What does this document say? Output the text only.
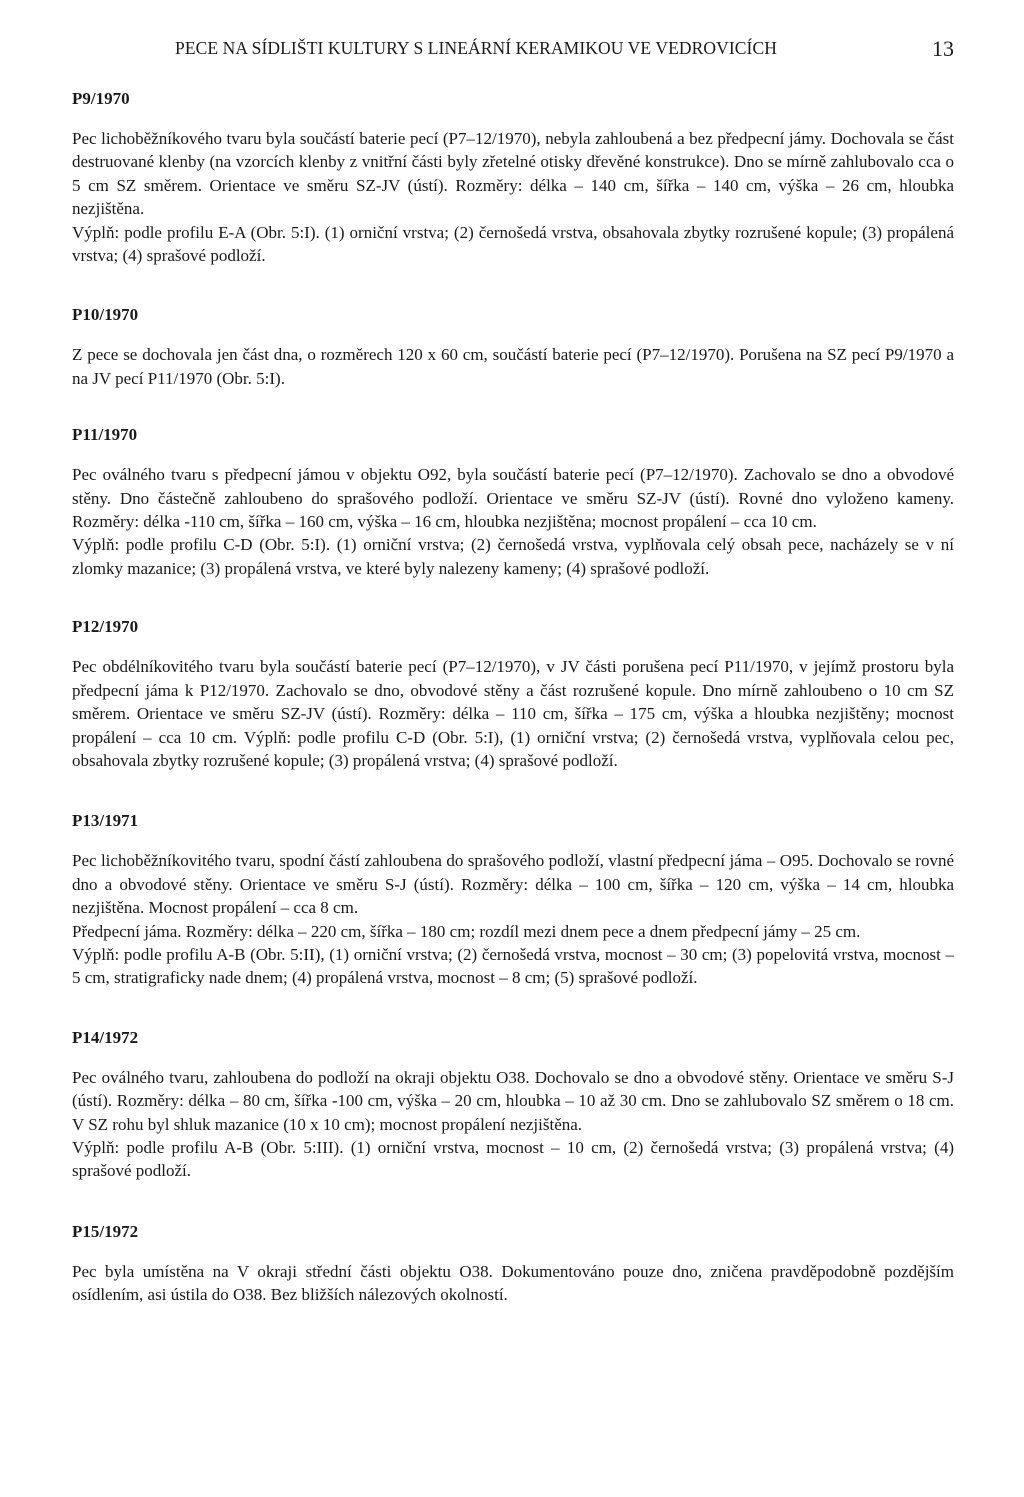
PECE NA SÍDLIŠTI KULTURY S LINEÁRNÍ KERAMIKOU VE VEDROVICÍCH	13
P9/1970

Pec lichoběžníkového tvaru byla součástí baterie pecí (P7–12/1970), nebyla zahloubená a bez předpecní jámy. Dochovala se část destruované klenby (na vzorcích klenby z vnitřní části byly zřetelné otisky dřevěné konstrukce). Dno se mírně zahlubovalo cca o 5 cm SZ směrem. Orientace ve směru SZ-JV (ústí). Rozměry: délka – 140 cm, šířka – 140 cm, výška – 26 cm, hloubka nezjištěna.

Výplň: podle profilu E-A (Obr. 5:I). (1) orniční vrstva; (2) černošedá vrstva, obsahovala zbytky rozrušené kopule; (3) propálená vrstva; (4) sprašové podloží.

P10/1970

Z pece se dochovala jen část dna, o rozměrech 120 x 60 cm, součástí baterie pecí (P7–12/1970). Porušena na SZ pecí P9/1970 a na JV pecí P11/1970 (Obr. 5:I).

P11/1970

Pec oválného tvaru s předpecní jámou v objektu O92, byla součástí baterie pecí (P7–12/1970). Zachovalo se dno a obvodové stěny. Dno částečně zahloubeno do sprašového podloží. Orientace ve směru SZ-JV (ústí). Rovné dno vyloženo kameny. Rozměry: délka -110 cm, šířka – 160 cm, výška – 16 cm, hloubka nezjištěna; mocnost propálení – cca 10 cm.

Výplň: podle profilu C-D (Obr. 5:I). (1) orniční vrstva; (2) černošedá vrstva, vyplňovala celý obsah pece, nacházely se v ní zlomky mazanice; (3) propálená vrstva, ve které byly nalezeny kameny; (4) sprašové podloží.

P12/1970

Pec obdélníkovitého tvaru byla součástí baterie pecí (P7–12/1970), v JV části porušena pecí P11/1970, v jejímž prostoru byla předpecní jáma k P12/1970. Zachovalo se dno, obvodové stěny a část rozrušené kopule. Dno mírně zahloubeno o 10 cm SZ směrem. Orientace ve směru SZ-JV (ústí). Rozměry: délka – 110 cm, šířka – 175 cm, výška a hloubka nezjištěny; mocnost propálení – cca 10 cm. Výplň: podle profilu C-D (Obr. 5:I), (1) orniční vrstva; (2) černošedá vrstva, vyplňovala celou pec, obsahovala zbytky rozrušené kopule; (3) propálená vrstva; (4) sprašové podloží.

P13/1971

Pec lichoběžníkovitého tvaru, spodní částí zahloubena do sprašového podloží, vlastní předpecní jáma – O95. Dochovalo se rovné dno a obvodové stěny. Orientace ve směru S-J (ústí). Rozměry: délka – 100 cm, šířka – 120 cm, výška – 14 cm, hloubka nezjištěna. Mocnost propálení – cca 8 cm.

Předpecní jáma. Rozměry: délka – 220 cm, šířka – 180 cm; rozdíl mezi dnem pece a dnem předpecní jámy – 25 cm.

Výplň: podle profilu A-B (Obr. 5:II), (1) orniční vrstva; (2) černošedá vrstva, mocnost – 30 cm; (3) popelovitá vrstva, mocnost – 5 cm, stratigraficky nade dnem; (4) propálená vrstva, mocnost – 8 cm; (5) sprašové podloží.

P14/1972

Pec oválného tvaru, zahloubena do podloží na okraji objektu O38. Dochovalo se dno a obvodové stěny. Orientace ve směru S-J (ústí). Rozměry: délka – 80 cm, šířka -100 cm, výška – 20 cm, hloubka – 10 až 30 cm. Dno se zahlubovalo SZ směrem o 18 cm. V SZ rohu byl shluk mazanice (10 x 10 cm); mocnost propálení nezjištěna.

Výplň: podle profilu A-B (Obr. 5:III). (1) orniční vrstva, mocnost – 10 cm, (2) černošedá vrstva; (3) propálená vrstva; (4) sprašové podloží.

P15/1972

Pec byla umístěna na V okraji střední části objektu O38. Dokumentováno pouze dno, zničena pravděpodobně pozdějším osídlením, asi ústila do O38. Bez bližších nálezových okolností.
